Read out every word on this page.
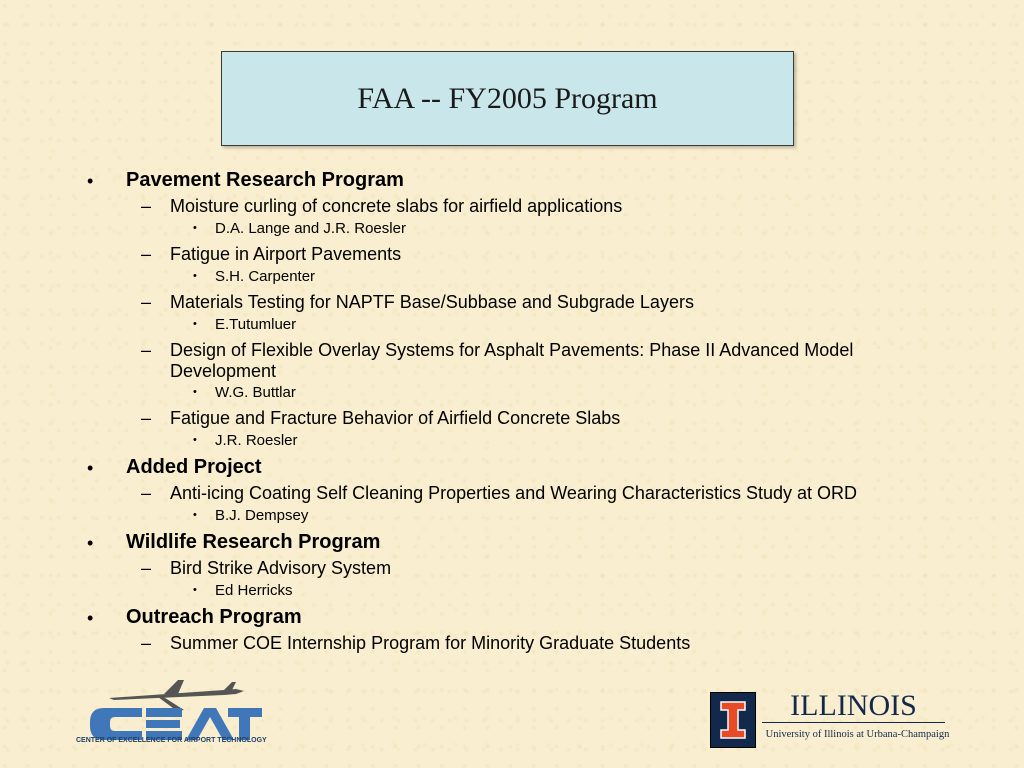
FAA -- FY2005 Program
• Pavement Research Program
– Moisture curling of concrete slabs for airfield applications
• D.A. Lange and J.R. Roesler
– Fatigue in Airport Pavements
• S.H. Carpenter
– Materials Testing for NAPTF Base/Subbase and Subgrade Layers
• E.Tutumluer
– Design of Flexible Overlay Systems for Asphalt Pavements: Phase II Advanced Model Development
• W.G. Buttlar
– Fatigue and Fracture Behavior of Airfield Concrete Slabs
• J.R. Roesler
• Added Project
– Anti-icing Coating Self Cleaning Properties and Wearing Characteristics Study at ORD
• B.J. Dempsey
• Wildlife Research Program
– Bird Strike Advisory System
• Ed Herricks
• Outreach Program
– Summer COE Internship Program for Minority Graduate Students
CENTER OF EXCELLENCE FOR AIRPORT TECHNOLOGY
ILLINOIS
University of Illinois at Urbana-Champaign
